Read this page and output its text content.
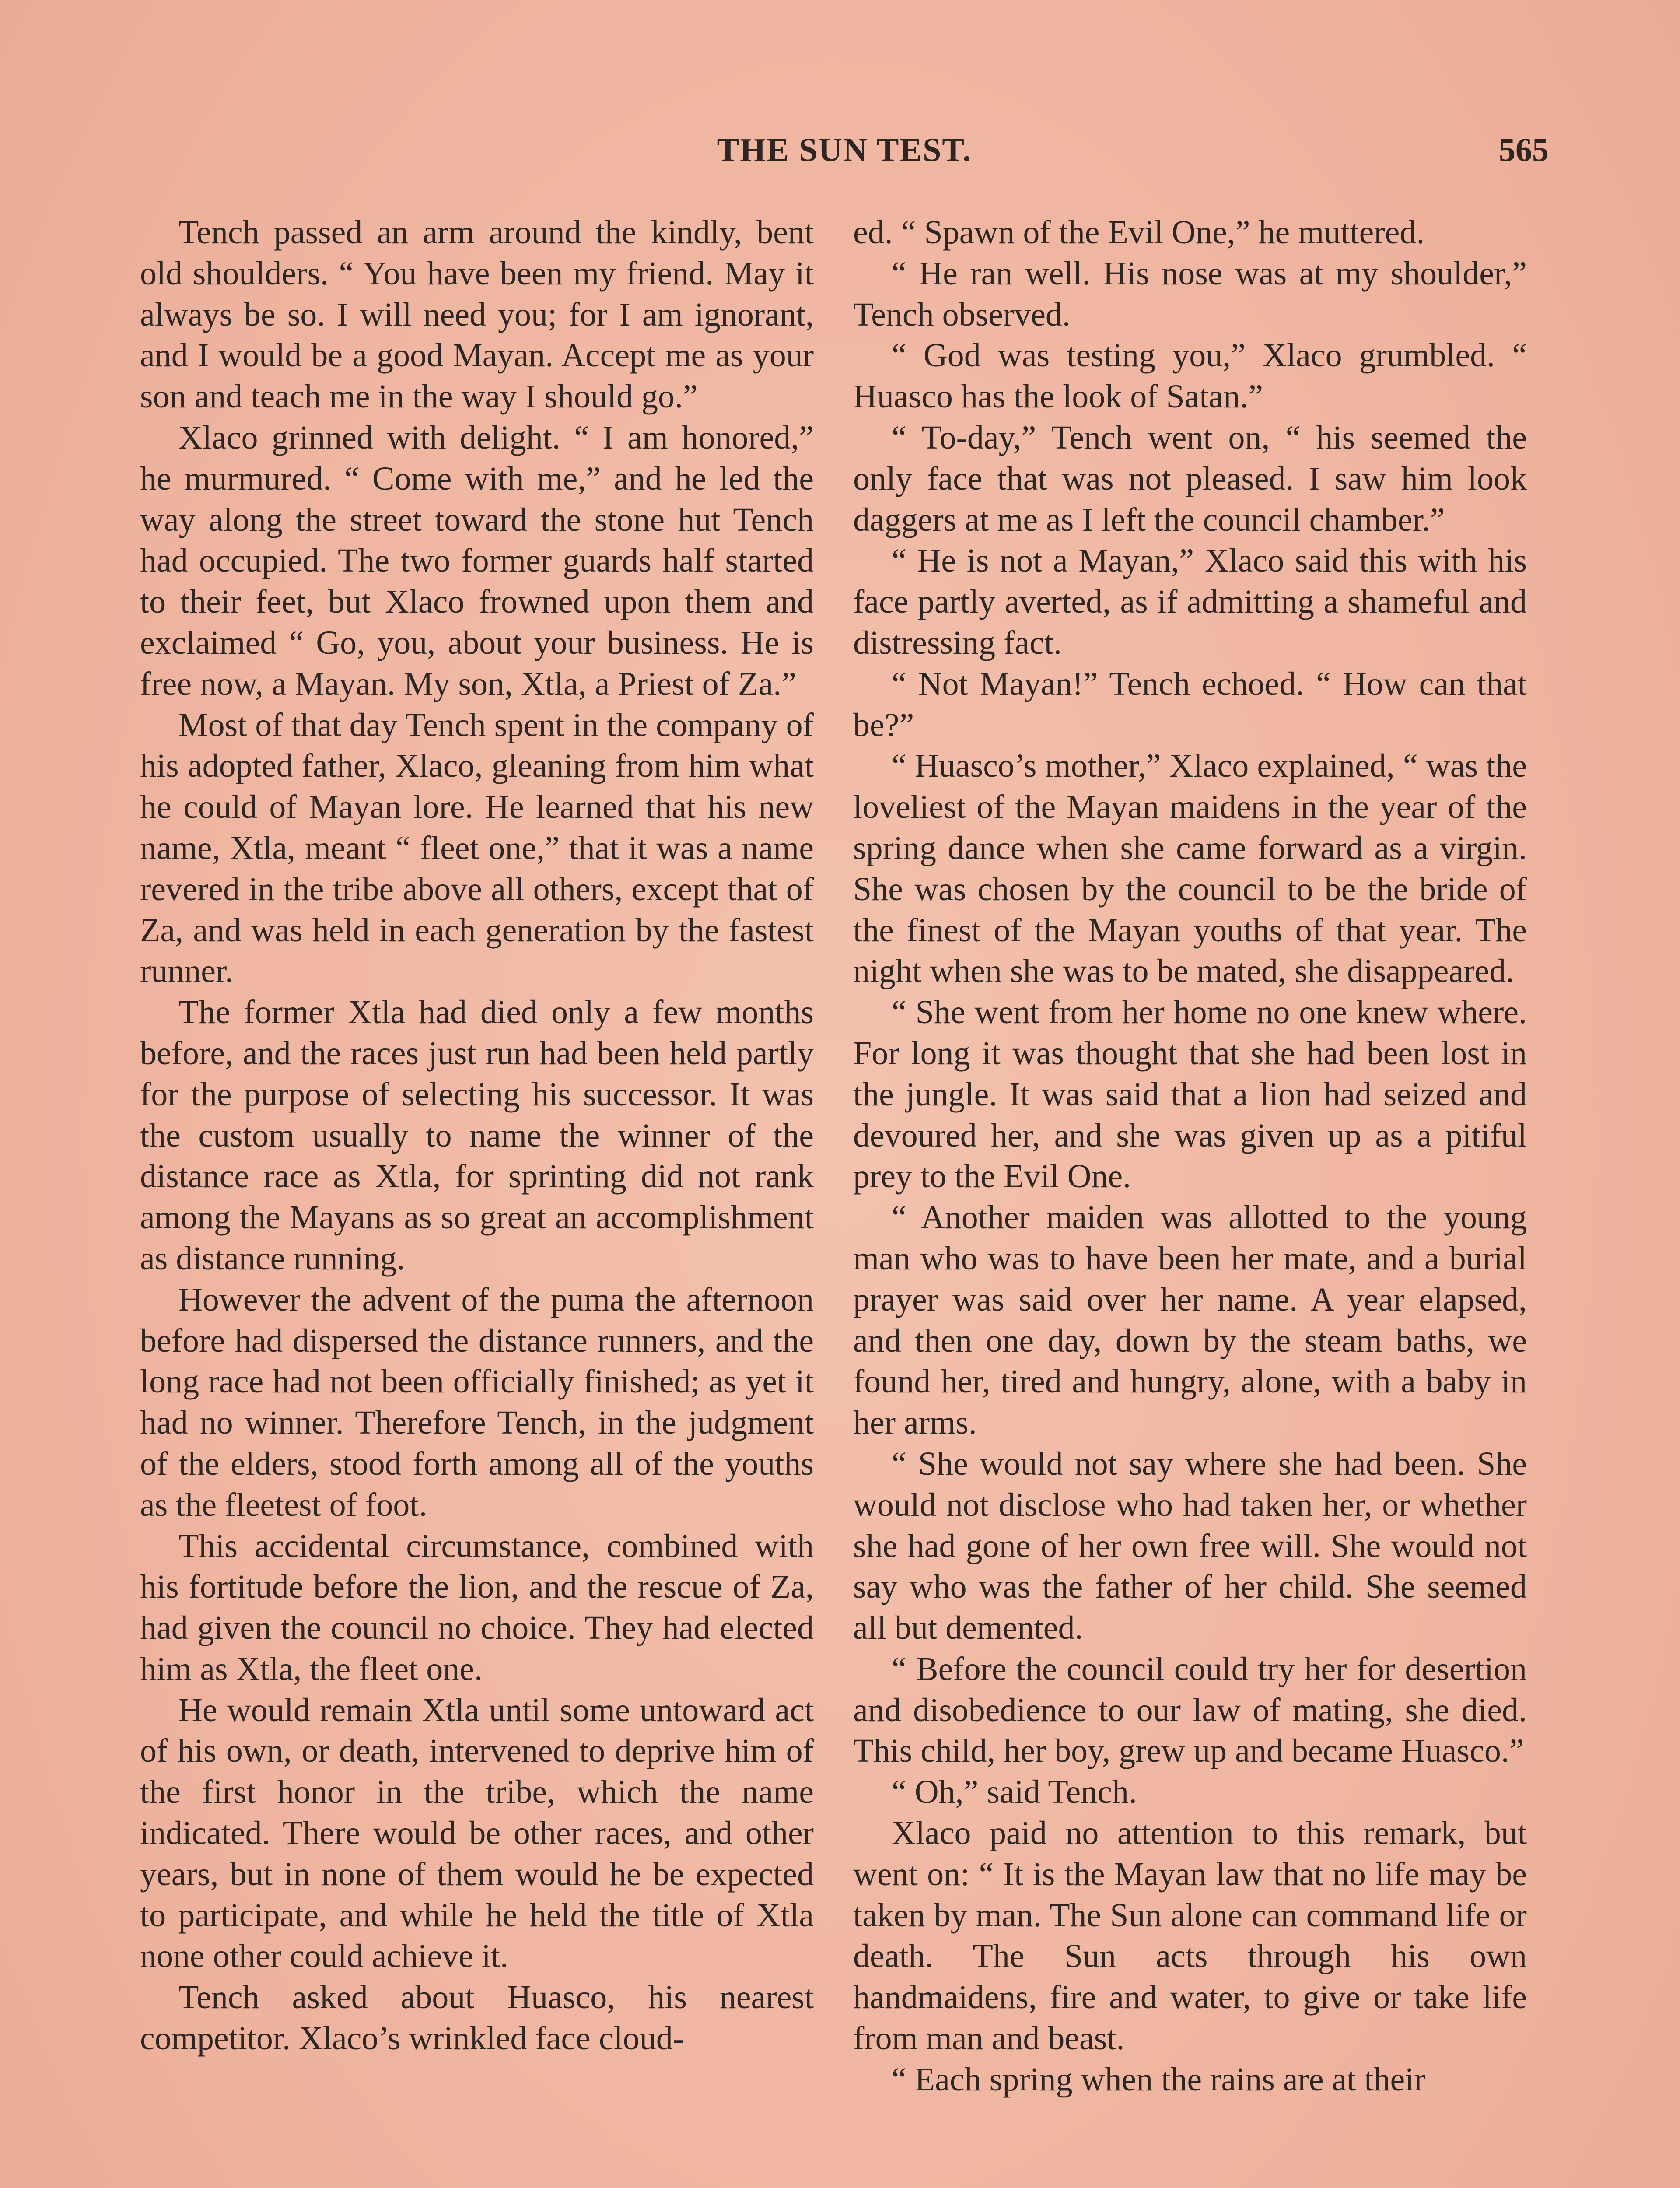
THE SUN TEST.	565

Tench passed an arm around the kindly, bent old shoulders. “ You have been my friend. May it always be so. I will need you; for I am ignorant, and I would be a good Mayan. Accept me as your son and teach me in the way I should go.”

Xlaco grinned with delight. “ I am honored,” he murmured. “ Come with me,” and he led the way along the street toward the stone hut Tench had occupied. The two former guards half started to their feet, but Xlaco frowned upon them and exclaimed “ Go, you, about your business. He is free now, a Mayan. My son, Xtla, a Priest of Za.”

Most of that day Tench spent in the company of his adopted father, Xlaco, gleaning from him what he could of Mayan lore. He learned that his new name, Xtla, meant “ fleet one,” that it was a name revered in the tribe above all others, except that of Za, and was held in each generation by the fastest runner.

The former Xtla had died only a few months before, and the races just run had been held partly for the purpose of selecting his successor. It was the custom usually to name the winner of the distance race as Xtla, for sprinting did not rank among the Mayans as so great an accomplishment as distance running.

However the advent of the puma the afternoon before had dispersed the distance runners, and the long race had not been officially finished; as yet it had no winner. Therefore Tench, in the judgment of the elders, stood forth among all of the youths as the fleetest of foot.

This accidental circumstance, combined with his fortitude before the lion, and the rescue of Za, had given the council no choice. They had elected him as Xtla, the fleet one.

He would remain Xtla until some untoward act of his own, or death, intervened to deprive him of the first honor in the tribe, which the name indicated. There would be other races, and other years, but in none of them would he be expected to participate, and while he held the title of Xtla none other could achieve it.

Tench asked about Huasco, his nearest competitor. Xlaco’s wrinkled face cloud-

ed. “ Spawn of the Evil One,” he muttered.

“ He ran well. His nose was at my shoulder,” Tench observed.

“ God was testing you,” Xlaco grumbled. “ Huasco has the look of Satan.”

“ To-day,” Tench went on, “ his seemed the only face that was not pleased. I saw him look daggers at me as I left the council chamber.”

“ He is not a Mayan,” Xlaco said this with his face partly averted, as if admitting a shameful and distressing fact.

“ Not Mayan!” Tench echoed. “ How can that be?”

“ Huasco’s mother,” Xlaco explained, “ was the loveliest of the Mayan maidens in the year of the spring dance when she came forward as a virgin. She was chosen by the council to be the bride of the finest of the Mayan youths of that year. The night when she was to be mated, she disappeared.

“ She went from her home no one knew where. For long it was thought that she had been lost in the jungle. It was said that a lion had seized and devoured her, and she was given up as a pitiful prey to the Evil One.

“ Another maiden was allotted to the young man who was to have been her mate, and a burial prayer was said over her name. A year elapsed, and then one day, down by the steam baths, we found her, tired and hungry, alone, with a baby in her arms.

“ She would not say where she had been. She would not disclose who had taken her, or whether she had gone of her own free will. She would not say who was the father of her child. She seemed all but demented.

“ Before the council could try her for desertion and disobedience to our law of mating, she died. This child, her boy, grew up and became Huasco.”

“ Oh,” said Tench.

Xlaco paid no attention to this remark, but went on: “ It is the Mayan law that no life may be taken by man. The Sun alone can command life or death. The Sun acts through his own handmaidens, fire and water, to give or take life from man and beast.

“ Each spring when the rains are at their
